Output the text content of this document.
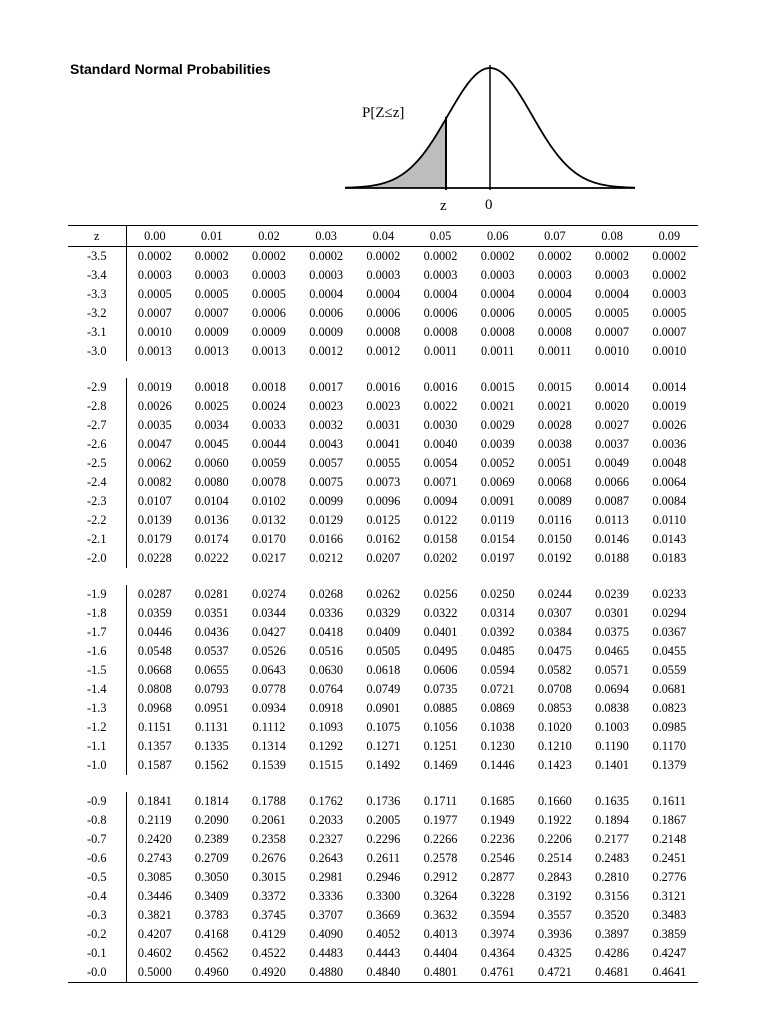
Standard Normal Probabilities
P[Z≤z]
z	0
z	0.00	0.01	0.02	0.03	0.04	0.05	0.06	0.07	0.08	0.09
-3.5	0.0002	0.0002	0.0002	0.0002	0.0002	0.0002	0.0002	0.0002	0.0002	0.0002
-3.4	0.0003	0.0003	0.0003	0.0003	0.0003	0.0003	0.0003	0.0003	0.0003	0.0002
-3.3	0.0005	0.0005	0.0005	0.0004	0.0004	0.0004	0.0004	0.0004	0.0004	0.0003
-3.2	0.0007	0.0007	0.0006	0.0006	0.0006	0.0006	0.0006	0.0005	0.0005	0.0005
-3.1	0.0010	0.0009	0.0009	0.0009	0.0008	0.0008	0.0008	0.0008	0.0007	0.0007
-3.0	0.0013	0.0013	0.0013	0.0012	0.0012	0.0011	0.0011	0.0011	0.0010	0.0010

-2.9	0.0019	0.0018	0.0018	0.0017	0.0016	0.0016	0.0015	0.0015	0.0014	0.0014
-2.8	0.0026	0.0025	0.0024	0.0023	0.0023	0.0022	0.0021	0.0021	0.0020	0.0019
-2.7	0.0035	0.0034	0.0033	0.0032	0.0031	0.0030	0.0029	0.0028	0.0027	0.0026
-2.6	0.0047	0.0045	0.0044	0.0043	0.0041	0.0040	0.0039	0.0038	0.0037	0.0036
-2.5	0.0062	0.0060	0.0059	0.0057	0.0055	0.0054	0.0052	0.0051	0.0049	0.0048
-2.4	0.0082	0.0080	0.0078	0.0075	0.0073	0.0071	0.0069	0.0068	0.0066	0.0064
-2.3	0.0107	0.0104	0.0102	0.0099	0.0096	0.0094	0.0091	0.0089	0.0087	0.0084
-2.2	0.0139	0.0136	0.0132	0.0129	0.0125	0.0122	0.0119	0.0116	0.0113	0.0110
-2.1	0.0179	0.0174	0.0170	0.0166	0.0162	0.0158	0.0154	0.0150	0.0146	0.0143
-2.0	0.0228	0.0222	0.0217	0.0212	0.0207	0.0202	0.0197	0.0192	0.0188	0.0183

-1.9	0.0287	0.0281	0.0274	0.0268	0.0262	0.0256	0.0250	0.0244	0.0239	0.0233
-1.8	0.0359	0.0351	0.0344	0.0336	0.0329	0.0322	0.0314	0.0307	0.0301	0.0294
-1.7	0.0446	0.0436	0.0427	0.0418	0.0409	0.0401	0.0392	0.0384	0.0375	0.0367
-1.6	0.0548	0.0537	0.0526	0.0516	0.0505	0.0495	0.0485	0.0475	0.0465	0.0455
-1.5	0.0668	0.0655	0.0643	0.0630	0.0618	0.0606	0.0594	0.0582	0.0571	0.0559
-1.4	0.0808	0.0793	0.0778	0.0764	0.0749	0.0735	0.0721	0.0708	0.0694	0.0681
-1.3	0.0968	0.0951	0.0934	0.0918	0.0901	0.0885	0.0869	0.0853	0.0838	0.0823
-1.2	0.1151	0.1131	0.1112	0.1093	0.1075	0.1056	0.1038	0.1020	0.1003	0.0985
-1.1	0.1357	0.1335	0.1314	0.1292	0.1271	0.1251	0.1230	0.1210	0.1190	0.1170
-1.0	0.1587	0.1562	0.1539	0.1515	0.1492	0.1469	0.1446	0.1423	0.1401	0.1379

-0.9	0.1841	0.1814	0.1788	0.1762	0.1736	0.1711	0.1685	0.1660	0.1635	0.1611
-0.8	0.2119	0.2090	0.2061	0.2033	0.2005	0.1977	0.1949	0.1922	0.1894	0.1867
-0.7	0.2420	0.2389	0.2358	0.2327	0.2296	0.2266	0.2236	0.2206	0.2177	0.2148
-0.6	0.2743	0.2709	0.2676	0.2643	0.2611	0.2578	0.2546	0.2514	0.2483	0.2451
-0.5	0.3085	0.3050	0.3015	0.2981	0.2946	0.2912	0.2877	0.2843	0.2810	0.2776
-0.4	0.3446	0.3409	0.3372	0.3336	0.3300	0.3264	0.3228	0.3192	0.3156	0.3121
-0.3	0.3821	0.3783	0.3745	0.3707	0.3669	0.3632	0.3594	0.3557	0.3520	0.3483
-0.2	0.4207	0.4168	0.4129	0.4090	0.4052	0.4013	0.3974	0.3936	0.3897	0.3859
-0.1	0.4602	0.4562	0.4522	0.4483	0.4443	0.4404	0.4364	0.4325	0.4286	0.4247
-0.0	0.5000	0.4960	0.4920	0.4880	0.4840	0.4801	0.4761	0.4721	0.4681	0.4641
